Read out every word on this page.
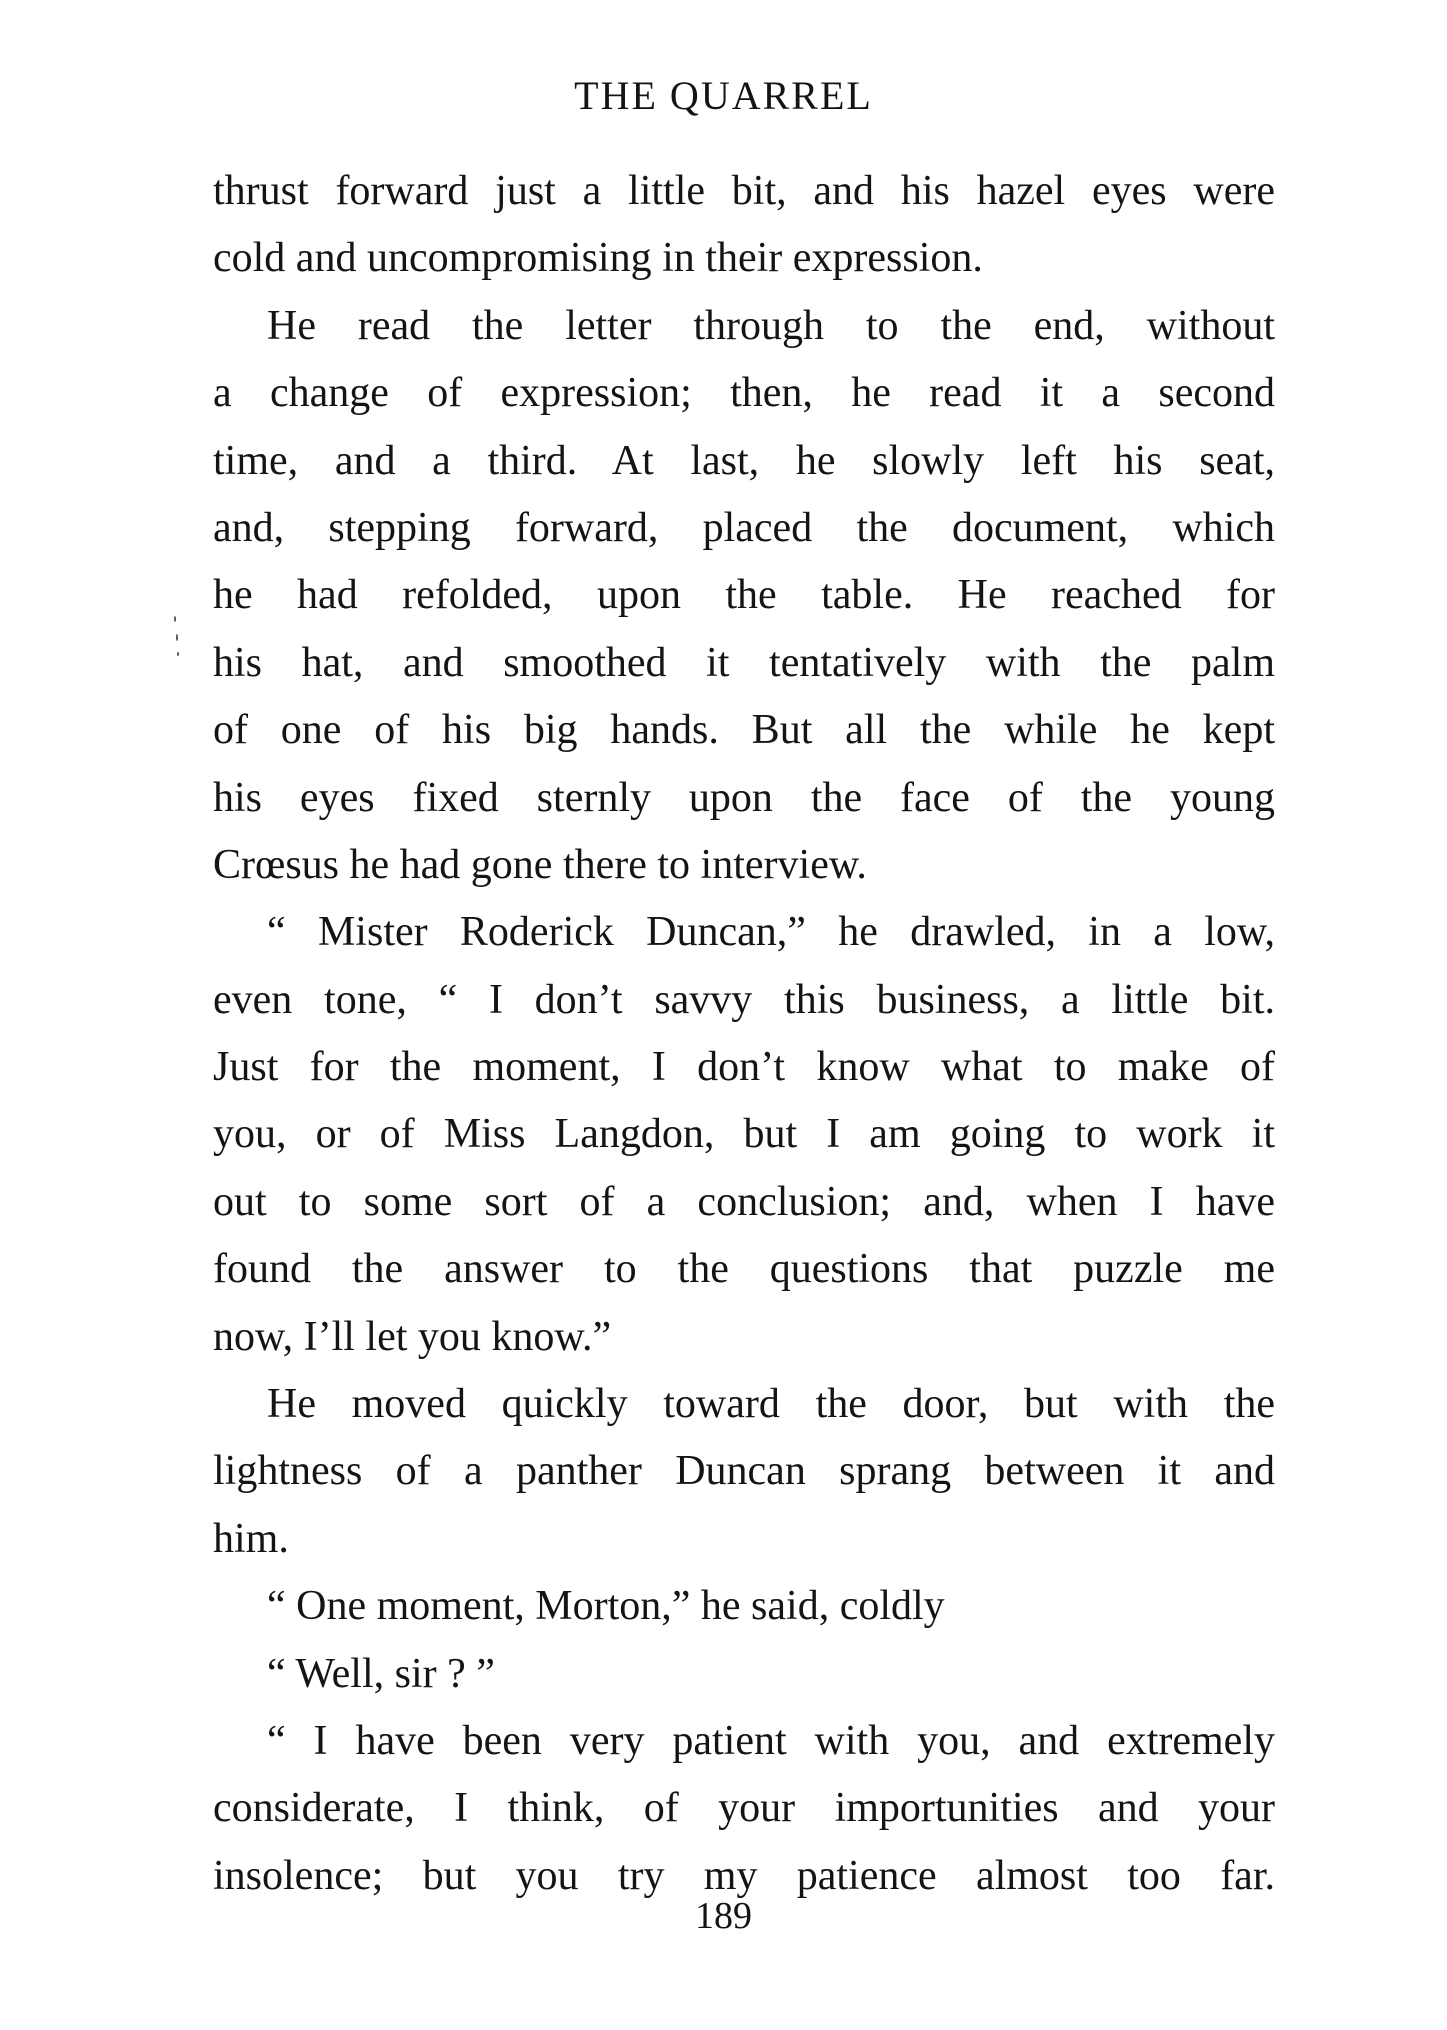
THE QUARREL
thrust forward just a little bit, and his hazel eyes were
cold and uncompromising in their expression.
He read the letter through to the end, without
a change of expression; then, he read it a second
time, and a third. At last, he slowly left his seat,
and, stepping forward, placed the document, which
he had refolded, upon the table. He reached for
his hat, and smoothed it tentatively with the palm
of one of his big hands. But all the while he kept
his eyes fixed sternly upon the face of the young
Crœsus he had gone there to interview.
“ Mister Roderick Duncan,” he drawled, in a low,
even tone, “ I don’t savvy this business, a little bit.
Just for the moment, I don’t know what to make of
you, or of Miss Langdon, but I am going to work it
out to some sort of a conclusion; and, when I have
found the answer to the questions that puzzle me
now, I’ll let you know.”
He moved quickly toward the door, but with the
lightness of a panther Duncan sprang between it and
him.
“ One moment, Morton,” he said, coldly
“ Well, sir ? ”
“ I have been very patient with you, and extremely
considerate, I think, of your importunities and your
insolence; but you try my patience almost too far.
189
